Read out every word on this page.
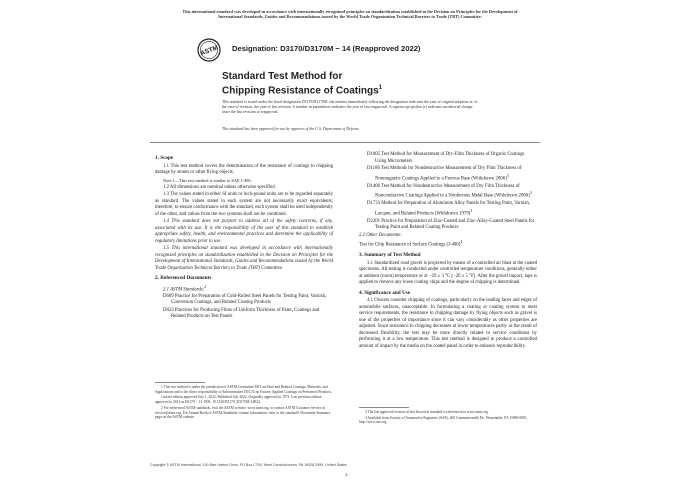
This international standard was developed in accordance with internationally recognized principles on standardization established in the Decision on Principles for the Development of International Standards, Guides and Recommendations issued by the World Trade Organization Technical Barriers to Trade (TBT) Committee.
ASTM Designation: D3170/D3170M − 14 (Reapproved 2022)
Standard Test Method for
Chipping Resistance of Coatings$^1$
This standard is issued under the fixed designation D3170/D3170M; the number immediately following the designation indicates the year of original adoption or, in the case of revision, the year of last revision. A number in parentheses indicates the year of last reapproval. A superscript epsilon (ε) indicates an editorial change since the last revision or reapproval.
This standard has been approved for use by agencies of the U.S. Department of Defense.
1. Scope
1.1 This test method covers the determination of the resistance of coatings to chipping damage by stones or other flying objects.
Note 1—This test method is similar to SAE J-400.
1.2 All dimensions are nominal unless otherwise specified.
1.3 The values stated in either SI units or inch-pound units are to be regarded separately as standard. The values stated in each system are not necessarily exact equivalents; therefore, to ensure conformance with the standard, each system shall be used independently of the other, and values from the two systems shall not be combined.
1.4 This standard does not purport to address all of the safety concerns, if any, associated with its use. It is the responsibility of the user of this standard to establish appropriate safety, health, and environmental practices and determine the applicability of regulatory limitations prior to use.
1.5 This international standard was developed in accordance with internationally recognized principles on standardization established in the Decision on Principles for the Development of International Standards, Guides and Recommendations issued by the World Trade Organization Technical Barriers to Trade (TBT) Committee.
2. Referenced Documents
2.1 ASTM Standards:$^2$
D609 Practice for Preparation of Cold-Rolled Steel Panels for Testing Paint, Varnish, Conversion Coatings, and Related Coating Products
D823 Practices for Producing Films of Uniform Thickness of Paint, Coatings and Related Products on Test Panels
D1005 Test Method for Measurement of Dry-Film Thickness of Organic Coatings Using Micrometers
D1186 Test Methods for Nondestructive Measurement of Dry Film Thickness of Nonmagnetic Coatings Applied to a Ferrous Base (Withdrawn 2006)$^3$
D1400 Test Method for Nondestructive Measurement of Dry Film Thickness of Nonconductive Coatings Applied to a Nonferrous Metal Base (Withdrawn 2006)$^3$
D1733 Method for Preparation of Aluminum Alloy Panels for Testing Paint, Varnish, Lacquer, and Related Products (Withdrawn 1979)$^3$
D2201 Practice for Preparation of Zinc-Coated and Zinc-Alloy-Coated Steel Panels for Testing Paint and Related Coating Products
2.2 Other Documents:
Test for Chip Resistance of Surface Coatings $(J-400)^4$
3. Summary of Test Method
3.1 Standardized road gravel is projected by means of a controlled air blast at the coated specimens. All testing is conducted under controlled temperature conditions, generally either at ambient (room) temperature or at −29 ± 3 °C [−20 ± 5 °F]. After the gravel impact, tape is applied to remove any loose coating chips and the degree of chipping is determined.
4. Significance and Use
4.1 Owners consider chipping of coatings, particularly on the leading faces and edges of automobile surfaces, unacceptable. In formulating a coating or coating system to meet service requirements, the resistance to chipping damage by flying objects such as gravel is one of the properties of importance since it can vary considerably as other properties are adjusted. Since resistance to chipping decreases at lower temperatures partly as the result of decreased flexibility, the test may be more directly related to service conditions by performing it at a low temperature. This test method is designed to produce a controlled amount of impact by the media on the coated panel in order to enhance reproducibility.
1 This test method is under the jurisdiction of ASTM Committee D01 on Paint and Related Coatings, Materials, and Applications and is the direct responsibility of Subcommittee D01.55 on Factory Applied Coatings on Preformed Products.
Current edition approved July 1, 2022. Published July 2022. Originally approved in 1973. Last previous edition approved in 2014 as D3170 − 14. DOI: 10.1520/D3170_D3170M-14R22.
2 For referenced ASTM standards, visit the ASTM website, www.astm.org, or contact ASTM Customer Service at service@astm.org. For Annual Book of ASTM Standards volume information, refer to the standard's Document Summary page on the ASTM website.
3 The last approved version of this historical standard is referenced on www.astm.org.
4 Available from Society of Automotive Engineers (SAE), 400 Commonwealth Dr., Warrendale, PA 15096-0001, http://www.sae.org.
Copyright © ASTM International, 100 Barr Harbor Drive, PO Box C700, West Conshohocken, PA 19428-2959. United States
1
